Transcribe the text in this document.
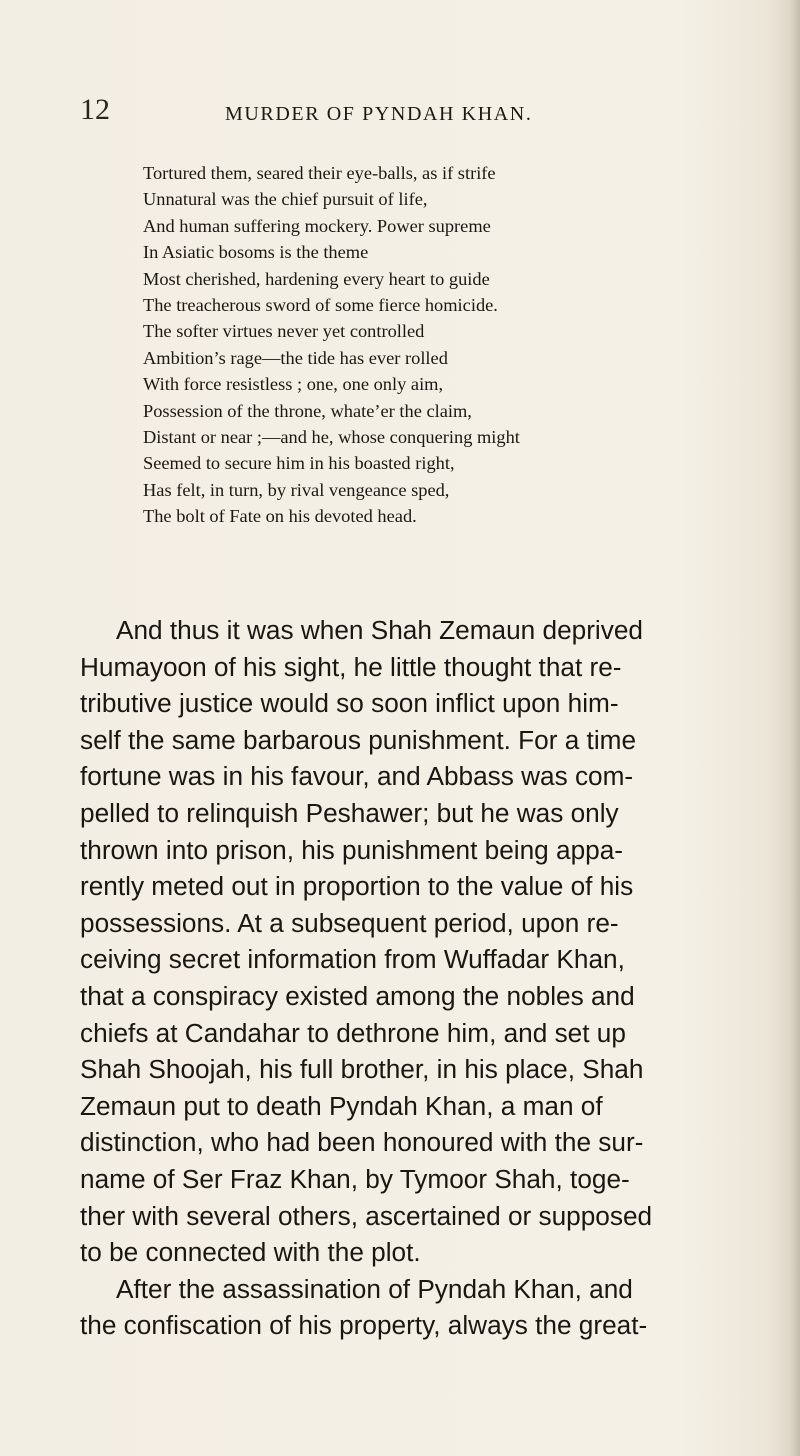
12	MURDER OF PYNDAH KHAN.
Tortured them, seared their eye-balls, as if strife
Unnatural was the chief pursuit of life,
And human suffering mockery. Power supreme
In Asiatic bosoms is the theme
Most cherished, hardening every heart to guide
The treacherous sword of some fierce homicide.
The softer virtues never yet controlled
Ambition’s rage—the tide has ever rolled
With force resistless ; one, one only aim,
Possession of the throne, whate’er the claim,
Distant or near ;—and he, whose conquering might
Seemed to secure him in his boasted right,
Has felt, in turn, by rival vengeance sped,
The bolt of Fate on his devoted head.
And thus it was when Shah Zemaun deprived
Humayoon of his sight, he little thought that re-
tributive justice would so soon inflict upon him-
self the same barbarous punishment. For a time
fortune was in his favour, and Abbass was com-
pelled to relinquish Peshawer; but he was only
thrown into prison, his punishment being appa-
rently meted out in proportion to the value of his
possessions. At a subsequent period, upon re-
ceiving secret information from Wuffadar Khan,
that a conspiracy existed among the nobles and
chiefs at Candahar to dethrone him, and set up
Shah Shoojah, his full brother, in his place, Shah
Zemaun put to death Pyndah Khan, a man of
distinction, who had been honoured with the sur-
name of Ser Fraz Khan, by Tymoor Shah, toge-
ther with several others, ascertained or supposed
to be connected with the plot.
After the assassination of Pyndah Khan, and
the confiscation of his property, always the great-
